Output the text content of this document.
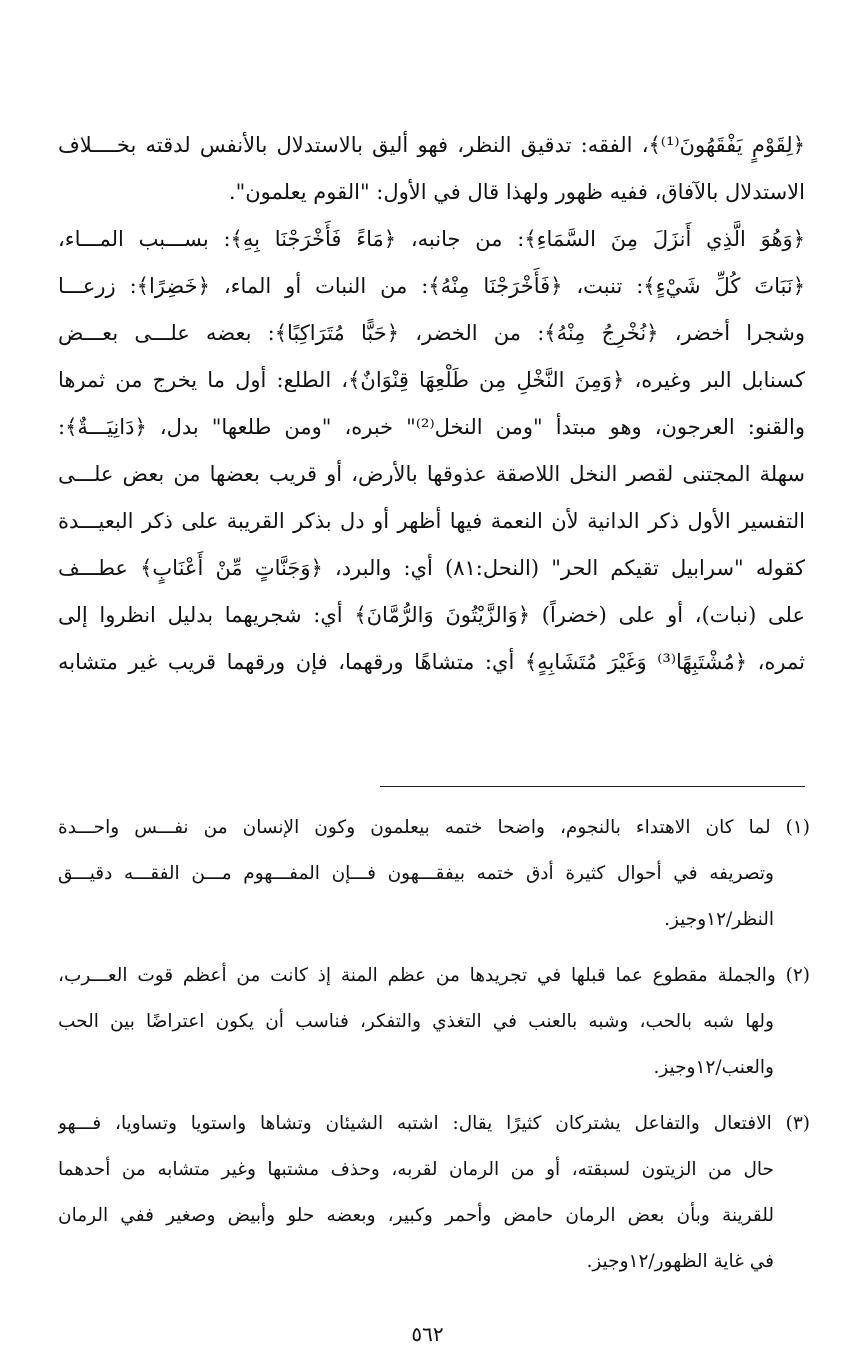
﴿لِقَوْمٍ يَفْقَهُونَ⁽¹⁾﴾، الفقه: تدقيق النظر، فهو أليق بالاستدلال بالأنفس لدقته بخــــلاف
الاستدلال بالآفاق، ففيه ظهور ولهذا قال في الأول: "القوم يعلمون".
﴿وَهُوَ الَّذِي أَنزَلَ مِنَ السَّمَاءِ﴾: من جانبه، ﴿مَاءً فَأَخْرَجْنَا بِهِ﴾: بســـبب المـــاء،
﴿نَبَاتَ كُلِّ شَيْءٍ﴾: تنبت، ﴿فَأَخْرَجْنَا مِنْهُ﴾: من النبات أو الماء، ﴿خَضِرًا﴾: زرعـــا
وشجرا أخضر، ﴿نُخْرِجُ مِنْهُ﴾: من الخضر، ﴿حَبًّا مُتَرَاكِبًا﴾: بعضه علـــى بعـــض
كسنابل البر وغيره، ﴿وَمِنَ النَّخْلِ مِن طَلْعِهَا قِنْوَانٌ﴾، الطلع: أول ما يخرج من ثمرها
والقنو: العرجون، وهو مبتدأ "ومن النخل⁽²⁾" خبره، "ومن طلعها" بدل، ﴿دَانِيَـــةٌ﴾:
سهلة المجتنى لقصر النخل اللاصقة عذوقها بالأرض، أو قريب بعضها من بعض علـــى
التفسير الأول ذكر الدانية لأن النعمة فيها أظهر أو دل بذكر القريبة على ذكر البعيـــدة
كقوله "سرابيل تقيكم الحر" (النحل:٨١) أي: والبرد، ﴿وَجَنَّاتٍ مِّنْ أَعْنَابٍ﴾ عطـــف
على (نبات)، أو على (خضراً) ﴿وَالزَّيْتُونَ وَالرُّمَّانَ﴾ أي: شجريهما بدليل انظروا إلى
ثمره، ﴿مُشْتَبِهًا⁽³⁾ وَغَيْرَ مُتَشَابِهٍ﴾ أي: متشاهًا ورقهما، فإن ورقهما قريب غير متشابه
(١) لما كان الاهتداء بالنجوم، واضحا ختمه بيعلمون وكون الإنسان من نفـــس واحـــدة
وتصريفه في أحوال كثيرة أدق ختمه بيفقـــهون فـــإن المفـــهوم مـــن الفقـــه دقيـــق
النظر/١٢وجيز.
(٢) والجملة مقطوع عما قبلها في تجريدها من عظم المنة إذ كانت من أعظم قوت العـــرب،
ولها شبه بالحب، وشبه بالعنب في التغذي والتفكر، فناسب أن يكون اعتراضًا بين الحب
والعنب/١٢وجيز.
(٣) الافتعال والتفاعل يشتركان كثيرًا يقال: اشتبه الشيئان وتشاها واستويا وتساويا، فـــهو
حال من الزيتون لسبقته، أو من الرمان لقربه، وحذف مشتبها وغير متشابه من أحدهما
للقرينة وبأن بعض الرمان حامض وأحمر وكبير، وبعضه حلو وأبيض وصغير ففي الرمان
في غاية الظهور/١٢وجيز.
٥٦٢
